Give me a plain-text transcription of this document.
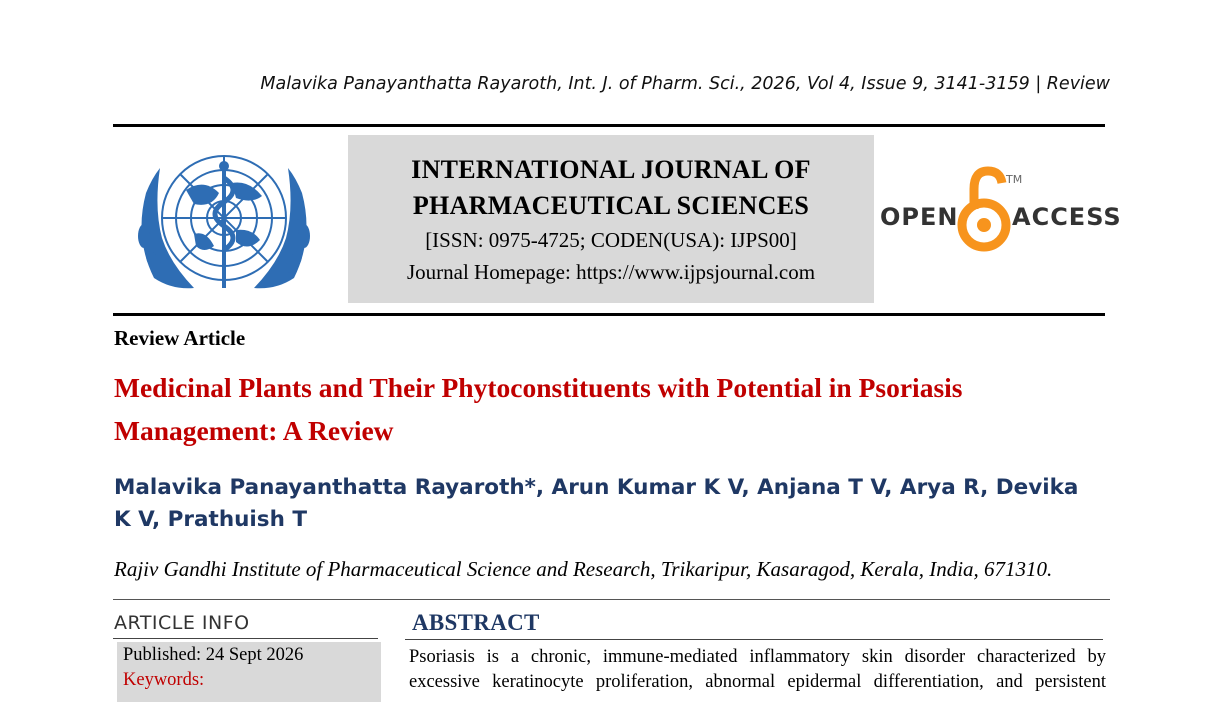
Malavika Panayanthatta Rayaroth, Int. J. of Pharm. Sci., 2026, Vol 4, Issue 9, 3141-3159 | Review
INTERNATIONAL JOURNAL OF
PHARMACEUTICAL SCIENCES
[ISSN: 0975-4725; CODEN(USA): IJPS00]
Journal Homepage: https://www.ijpsjournal.com
OPEN
TM
ACCESS
Review Article
Medicinal Plants and Their Phytoconstituents with Potential in Psoriasis
Management: A Review
Malavika Panayanthatta Rayaroth*, Arun Kumar K V, Anjana T V, Arya R, Devika
K V, Prathuish T
Rajiv Gandhi Institute of Pharmaceutical Science and Research, Trikaripur, Kasaragod, Kerala, India, 671310.
ARTICLE INFO
Published: 24 Sept 2026
Keywords:
ABSTRACT
Psoriasis is a chronic, immune-mediated inflammatory skin disorder characterized by
excessive keratinocyte proliferation, abnormal epidermal differentiation, and persistent
